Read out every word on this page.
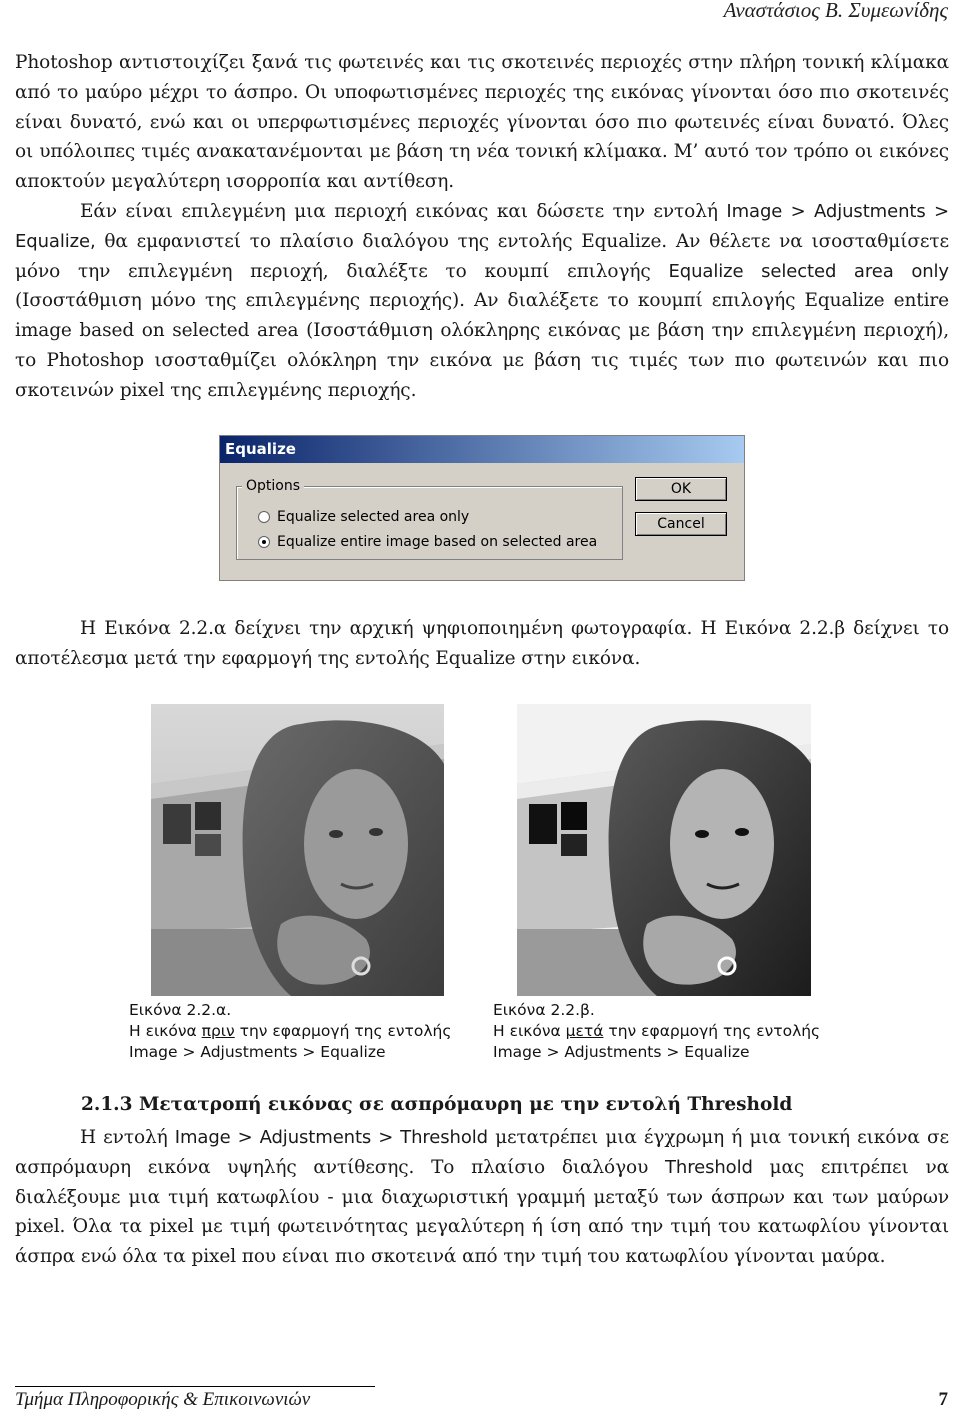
Αναστάσιος Β. Συμεωνίδης

Photoshop αντιστοιχίζει ξανά τις φωτεινές και τις σκοτεινές περιοχές στην πλήρη τονική κλίμακα από το μαύρο μέχρι το άσπρο. Οι υποφωτισμένες περιοχές της εικόνας γίνονται όσο πιο σκοτεινές είναι δυνατό, ενώ και οι υπερφωτισμένες περιοχές γίνονται όσο πιο φωτεινές είναι δυνατό. Όλες οι υπόλοιπες τιμές ανακατανέμονται με βάση τη νέα τονική κλίμακα. Μ’ αυτό τον τρόπο οι εικόνες αποκτούν μεγαλύτερη ισορροπία και αντίθεση.

Εάν είναι επιλεγμένη μια περιοχή εικόνας και δώσετε την εντολή Image > Adjustments > Equalize, θα εμφανιστεί το πλαίσιο διαλόγου της εντολής Equalize. Αν θέλετε να ισοσταθμίσετε μόνο την επιλεγμένη περιοχή, διαλέξτε το κουμπί επιλογής Equalize selected area only (Ισοστάθμιση μόνο της επιλεγμένης περιοχής). Αν διαλέξετε το κουμπί επιλογής Equalize entire image based on selected area (Ισοστάθμιση ολόκληρης εικόνας με βάση την επιλεγμένη περιοχή), το Photoshop ισοσταθμίζει ολόκληρη την εικόνα με βάση τις τιμές των πιο φωτεινών και πιο σκοτεινών pixel της επιλεγμένης περιοχής.

Equalize
Options
Equalize selected area only
Equalize entire image based on selected area
OK
Cancel

Η Εικόνα 2.2.α δείχνει την αρχική ψηφιοποιημένη φωτογραφία. Η Εικόνα 2.2.β δείχνει το αποτέλεσμα μετά την εφαρμογή της εντολής Equalize στην εικόνα.

Εικόνα 2.2.α.
Η εικόνα πριν την εφαρμογή της εντολής
Image > Adjustments > Equalize
Εικόνα 2.2.β.
Η εικόνα μετά την εφαρμογή της εντολής
Image > Adjustments > Equalize
2.1.3 Μετατροπή εικόνας σε ασπρόμαυρη με την εντολή Threshold

Η εντολή Image > Adjustments > Threshold μετατρέπει μια έγχρωμη ή μια τονική εικόνα σε ασπρόμαυρη εικόνα υψηλής αντίθεσης. Το πλαίσιο διαλόγου Threshold μας επιτρέπει να διαλέξουμε μια τιμή κατωφλίου - μια διαχωριστική γραμμή μεταξύ των άσπρων και των μαύρων pixel. Όλα τα pixel με τιμή φωτεινότητας μεγαλύτερη ή ίση από την τιμή του κατωφλίου γίνονται άσπρα ενώ όλα τα pixel που είναι πιο σκοτεινά από την τιμή του κατωφλίου γίνονται μαύρα.

Τμήμα Πληροφορικής & Επικοινωνιών	7
